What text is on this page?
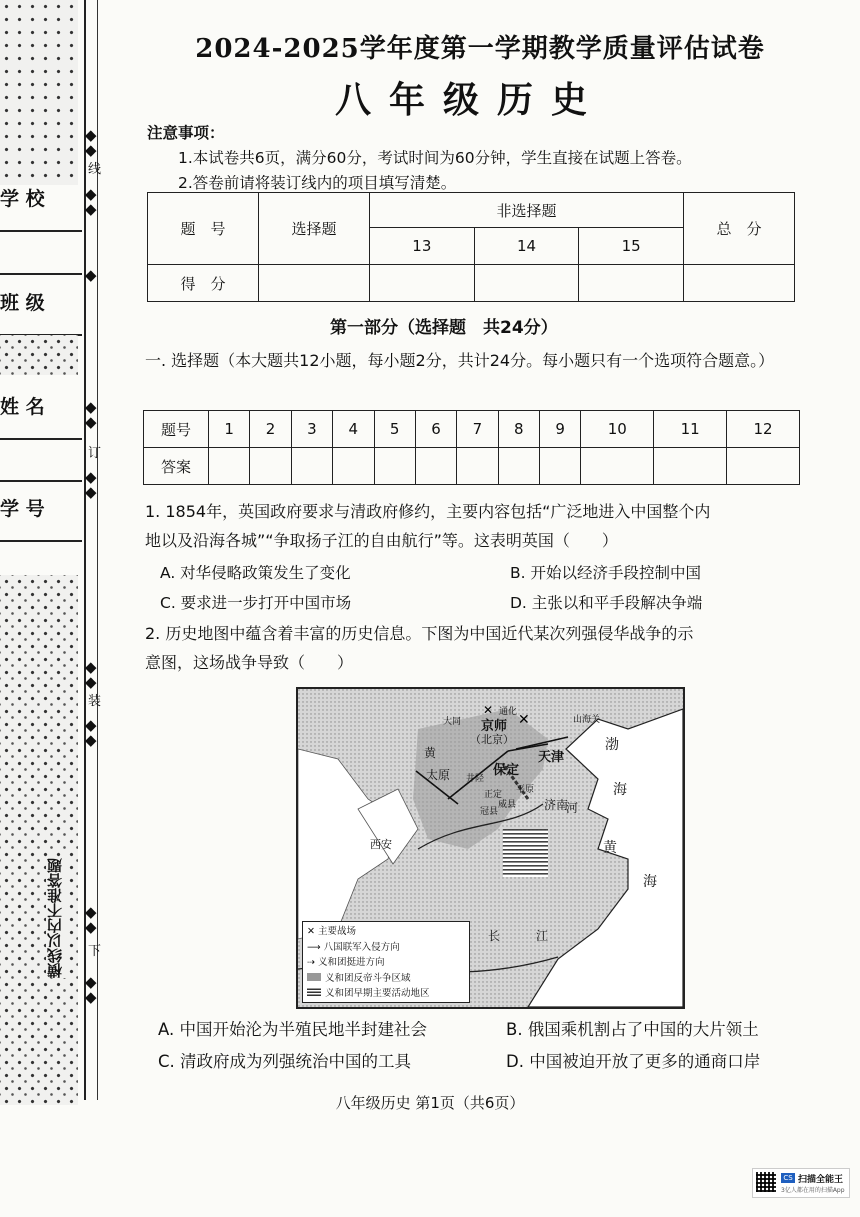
学 校
班 级
姓 名
学 号
◆
◆
线
◆
◆
◆
◆
◆
订
◆
◆
◆
◆
装
◆
◆
◆
◆
下
◆
◆
横线以内不准答题
2024-2025学年度第一学期教学质量评估试卷
八年级历史
注意事项：
1.本试卷共6页，满分60分，考试时间为60分钟，学生直接在试题上答卷。
2.答卷前请将装订线内的项目填写清楚。
题　号	选择题	非选择题			总　分
		13	14	15	
得　分					
第一部分（选择题　共24分）
一. 选择题（本大题共12小题，每小题2分，共计24分。每小题只有一个选项符合题意。）
题号	1	2	3	4	5	6	7	8	9	10	11	12
答案												
1. 1854年，英国政府要求与清政府修约，主要内容包括“广泛地进入中国整个内
地以及沿海各城”“争取扬子江的自由航行”等。这表明英国（　　）
A. 对华侵略政策发生了变化	B. 开始以经济手段控制中国
C. 要求进一步打开中国市场	D. 主张以和平手段解决争端
2. 历史地图中蕴含着丰富的历史信息。下图为中国近代某次列强侵华战争的示
意图，这场战争导致（　　）
✕
✕
京师
（北京）
大同
通化
山海关
天津
保定
太原 井陉
正定 平原
冠县
威县 济南
西安
渤
海
黄
海
黄
河
长	江
✕ 主要战场
⟶ 八国联军入侵方向
⇢ 义和团挺进方向
义和团反帝斗争区域
义和团早期主要活动地区
A. 中国开始沦为半殖民地半封建社会	B. 俄国乘机割占了中国的大片领土
C. 清政府成为列强统治中国的工具	D. 中国被迫开放了更多的通商口岸
八年级历史 第1页（共6页）
CS 扫描全能王
3亿人都在用的扫描App
